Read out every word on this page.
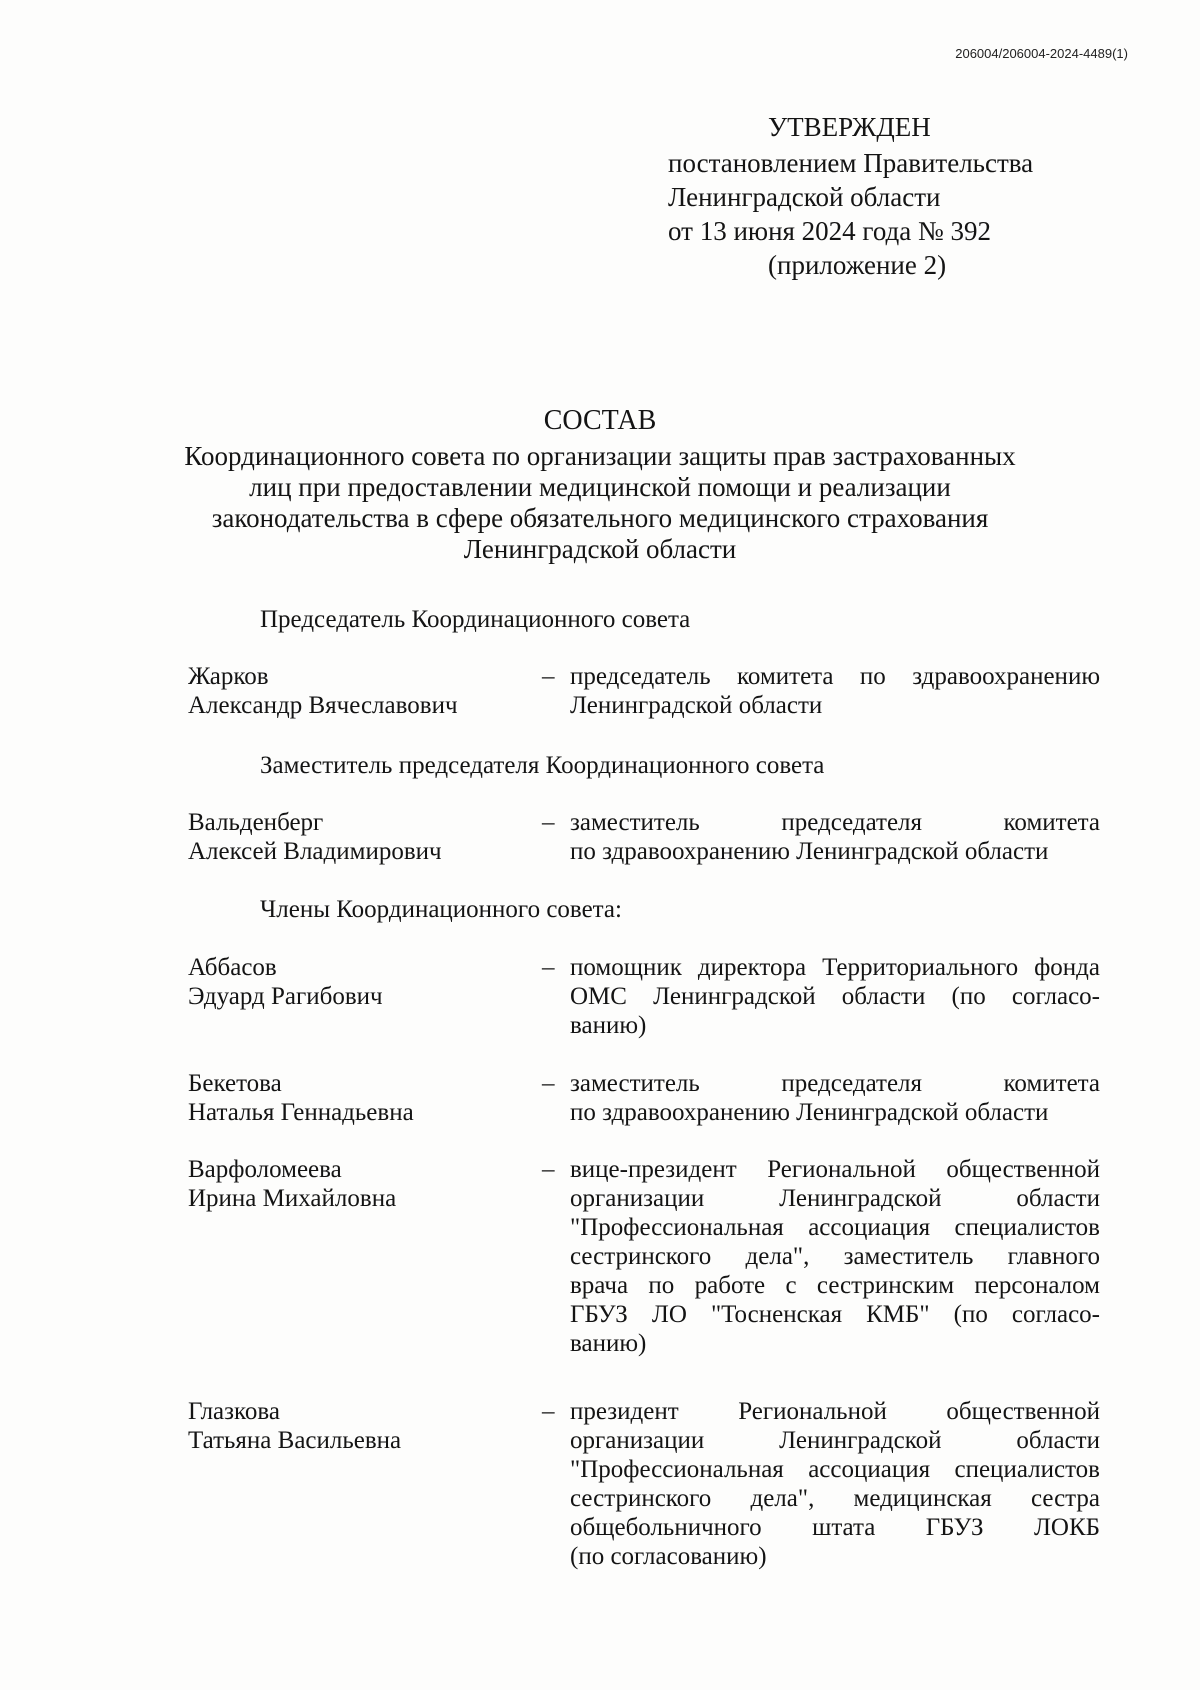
206004/206004-2024-4489(1)
УТВЕРЖДЕН
постановлением Правительства
Ленинградской области
от 13 июня 2024 года № 392
(приложение 2)
СОСТАВ
Координационного совета по организации защиты прав застрахованных
лиц при предоставлении медицинской помощи и реализации
законодательства в сфере обязательного медицинского страхования
Ленинградской области
Председатель Координационного совета
Жарков
Александр Вячеславович
– председатель комитета по здравоохранению
Ленинградской области
Заместитель председателя Координационного совета
Вальденберг
Алексей Владимирович
– заместитель председателя комитета
по здравоохранению Ленинградской области
Члены Координационного совета:
Аббасов
Эдуард Рагибович
– помощник директора Территориального фонда
ОМС Ленинградской области (по согласо-
ванию)
Бекетова
Наталья Геннадьевна
– заместитель председателя комитета
по здравоохранению Ленинградской области
Варфоломеева
Ирина Михайловна
– вице-президент Региональной общественной
организации Ленинградской области
"Профессиональная ассоциация специалистов
сестринского дела", заместитель главного
врача по работе с сестринским персоналом
ГБУЗ ЛО "Тосненская КМБ" (по согласо-
ванию)
Глазкова
Татьяна Васильевна
– президент Региональной общественной
организации Ленинградской области
"Профессиональная ассоциация специалистов
сестринского дела", медицинская сестра
общебольничного штата ГБУЗ ЛОКБ
(по согласованию)
